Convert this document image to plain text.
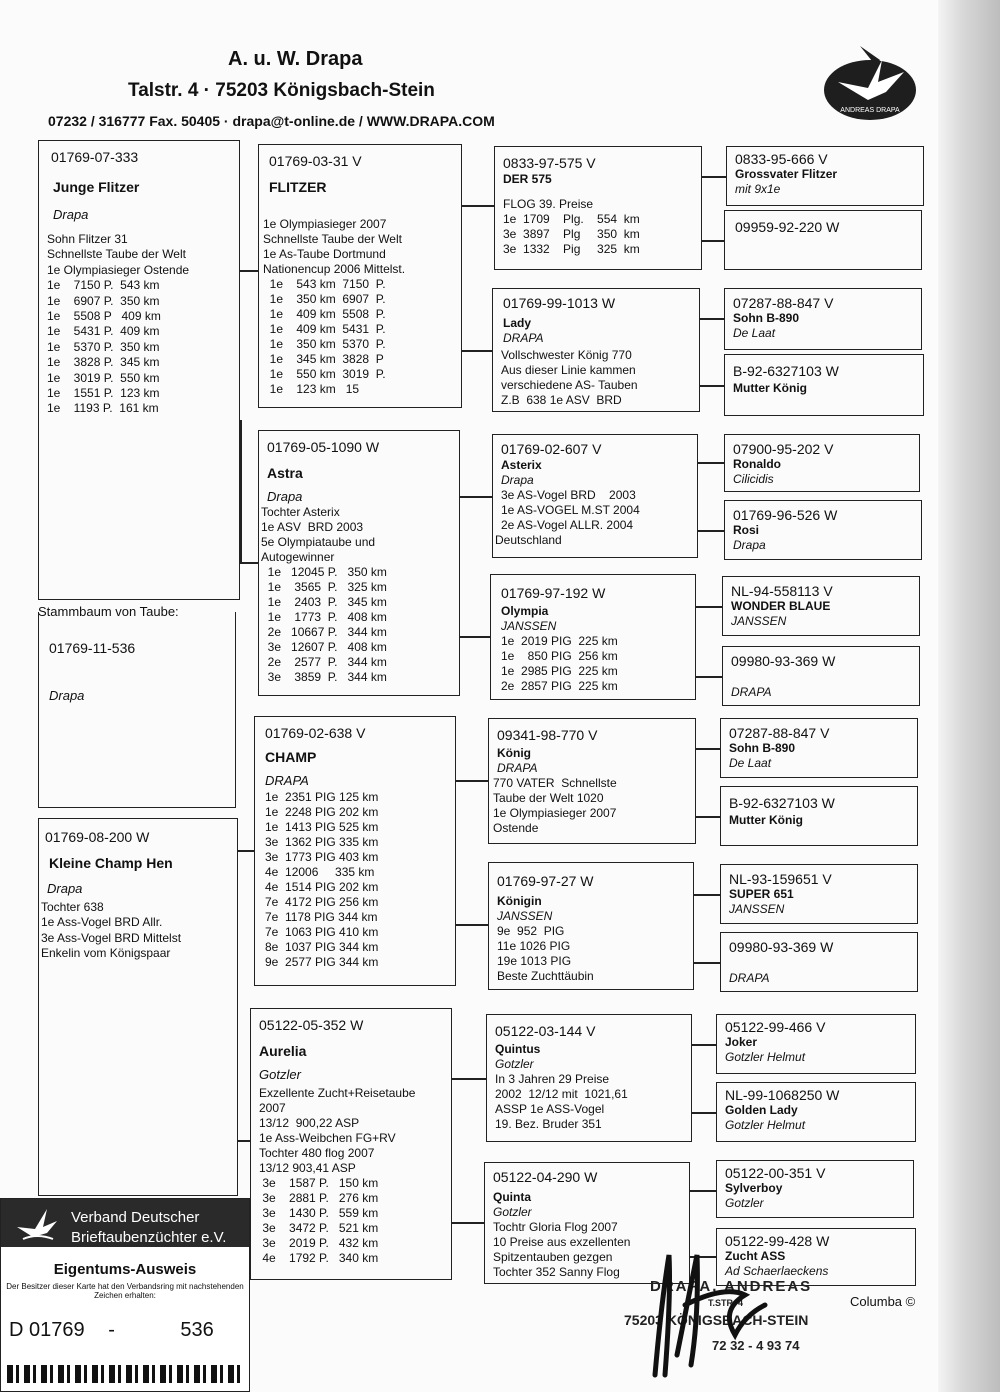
A. u. W. Drapa
Talstr. 4 · 75203 Königsbach-Stein
07232 / 316777 Fax. 50405 · drapa@t-online.de / WWW.DRAPA.COM
ANDREAS DRAPA
01769-07-333
Junge Flitzer
Drapa
Sohn Flitzer 31
Schnellste Taube der Welt
1e Olympiasieger Ostende
1e    7150 P.  543 km
1e    6907 P.  350 km
1e    5508 P   409 km
1e    5431 P.  409 km
1e    5370 P.  350 km
1e    3828 P.  345 km
1e    3019 P.  550 km
1e    1551 P.  123 km
1e    1193 P.  161 km
Stammbaum von Taube:
01769-11-536
Drapa
01769-08-200 W
Kleine Champ Hen
Drapa
Tochter 638
1e Ass-Vogel BRD Allr.
3e Ass-Vogel BRD Mittelst
Enkelin vom Königspaar
01769-03-31 V
FLITZER
1e Olympiasieger 2007
Schnellste Taube der Welt
1e As-Taube Dortmund
Nationencup 2006 Mittelst.
1e    543 km  7150  P.
1e    350 km  6907  P.
1e    409 km  5508  P.
1e    409 km  5431  P.
1e    350 km  5370  P.
1e    345 km  3828  P
1e    550 km  3019  P.
1e    123 km   15
01769-05-1090 W
Astra
Drapa
Tochter Asterix
1e ASV  BRD 2003
5e Olympiataube und
Autogewinner
1e   12045 P.   350 km
1e    3565  P.   325 km
1e    2403  P.   345 km
1e    1773  P.   408 km
2e   10667 P.   344 km
3e   12607 P.   408 km
2e    2577  P.   344 km
3e    3859  P.   344 km
01769-02-638 V
CHAMP
DRAPA
1e  2351 PIG 125 km
1e  2248 PIG 202 km
1e  1413 PIG 525 km
3e  1362 PIG 335 km
3e  1773 PIG 403 km
4e  12006     335 km
4e  1514 PIG 202 km
7e  4172 PIG 256 km
7e  1178 PIG 344 km
7e  1063 PIG 410 km
8e  1037 PIG 344 km
9e  2577 PIG 344 km
05122-05-352 W
Aurelia
Gotzler
Exzellente Zucht+Reisetaube
2007
13/12  900,22 ASP
1e Ass-Weibchen FG+RV
Tochter 480 flog 2007
13/12 903,41 ASP
3e    1587 P.   150 km
3e    2881 P.   276 km
3e    1430 P.   559 km
3e    3472 P.   521 km
3e    2019 P.   432 km
4e    1792 P.   340 km
0833-97-575 V
DER 575
FLOG 39. Preise
1e  1709    Plg.    554  km
3e  3897    Plg     350  km
3e  1332    Pig     325  km
01769-99-1013 W
Lady
DRAPA
Vollschwester König 770
Aus dieser Linie kammen
verschiedene AS- Tauben
Z.B  638 1e ASV  BRD
01769-02-607 V
Asterix
Drapa
3e AS-Vogel BRD    2003
1e AS-VOGEL M.ST 2004
2e AS-Vogel ALLR. 2004
Deutschland
01769-97-192 W
Olympia
JANSSEN
1e  2019 PIG  225 km
1e    850 PIG  256 km
1e  2985 PIG  225 km
2e  2857 PIG  225 km
09341-98-770 V
König
DRAPA
770 VATER  Schnellste
Taube der Welt 1020
1e Olympiasieger 2007
Ostende
01769-97-27 W
Königin
JANSSEN
9e  952  PIG
11e 1026 PIG
19e 1013 PIG
Beste Zuchttäubin
05122-03-144 V
Quintus
Gotzler
In 3 Jahren 29 Preise
2002  12/12 mit  1021,61
ASSP 1e ASS-Vogel
19. Bez. Bruder 351
05122-04-290 W
Quinta
Gotzler
Tochtr Gloria Flog 2007
10 Preise aus exzellenten
Spitzentauben gezgen
Tochter 352 Sanny Flog
0833-95-666 V
Grossvater Flitzer
mit 9x1e
09959-92-220 W
07287-88-847 V
Sohn B-890
De Laat
B-92-6327103 W
Mutter König
07900-95-202 V
Ronaldo
Cilicidis
01769-96-526 W
Rosi
Drapa
NL-94-558113 V
WONDER BLAUE
JANSSEN
09980-93-369 W
DRAPA
07287-88-847 V
Sohn B-890
De Laat
B-92-6327103 W
Mutter König
NL-93-159651 V
SUPER 651
JANSSEN
09980-93-369 W
DRAPA
05122-99-466 V
Joker
Gotzler Helmut
NL-99-1068250 W
Golden Lady
Gotzler Helmut
05122-00-351 V
Sylverboy
Gotzler
05122-99-428 W
Zucht ASS
Ad Schaerlaeckens
Verband Deutscher
Brieftaubenzüchter e.V.
Eigentums-Ausweis
Der Besitzer dieser Karte hat den Verbandsring mit nachstehenden Zeichen erhalten:
D 01769 -	536
DRAPA, ANDREAS
T.STR. 4
75203 KÖNIGSBACH-STEIN
72 32 - 4 93 74
Columba ©
